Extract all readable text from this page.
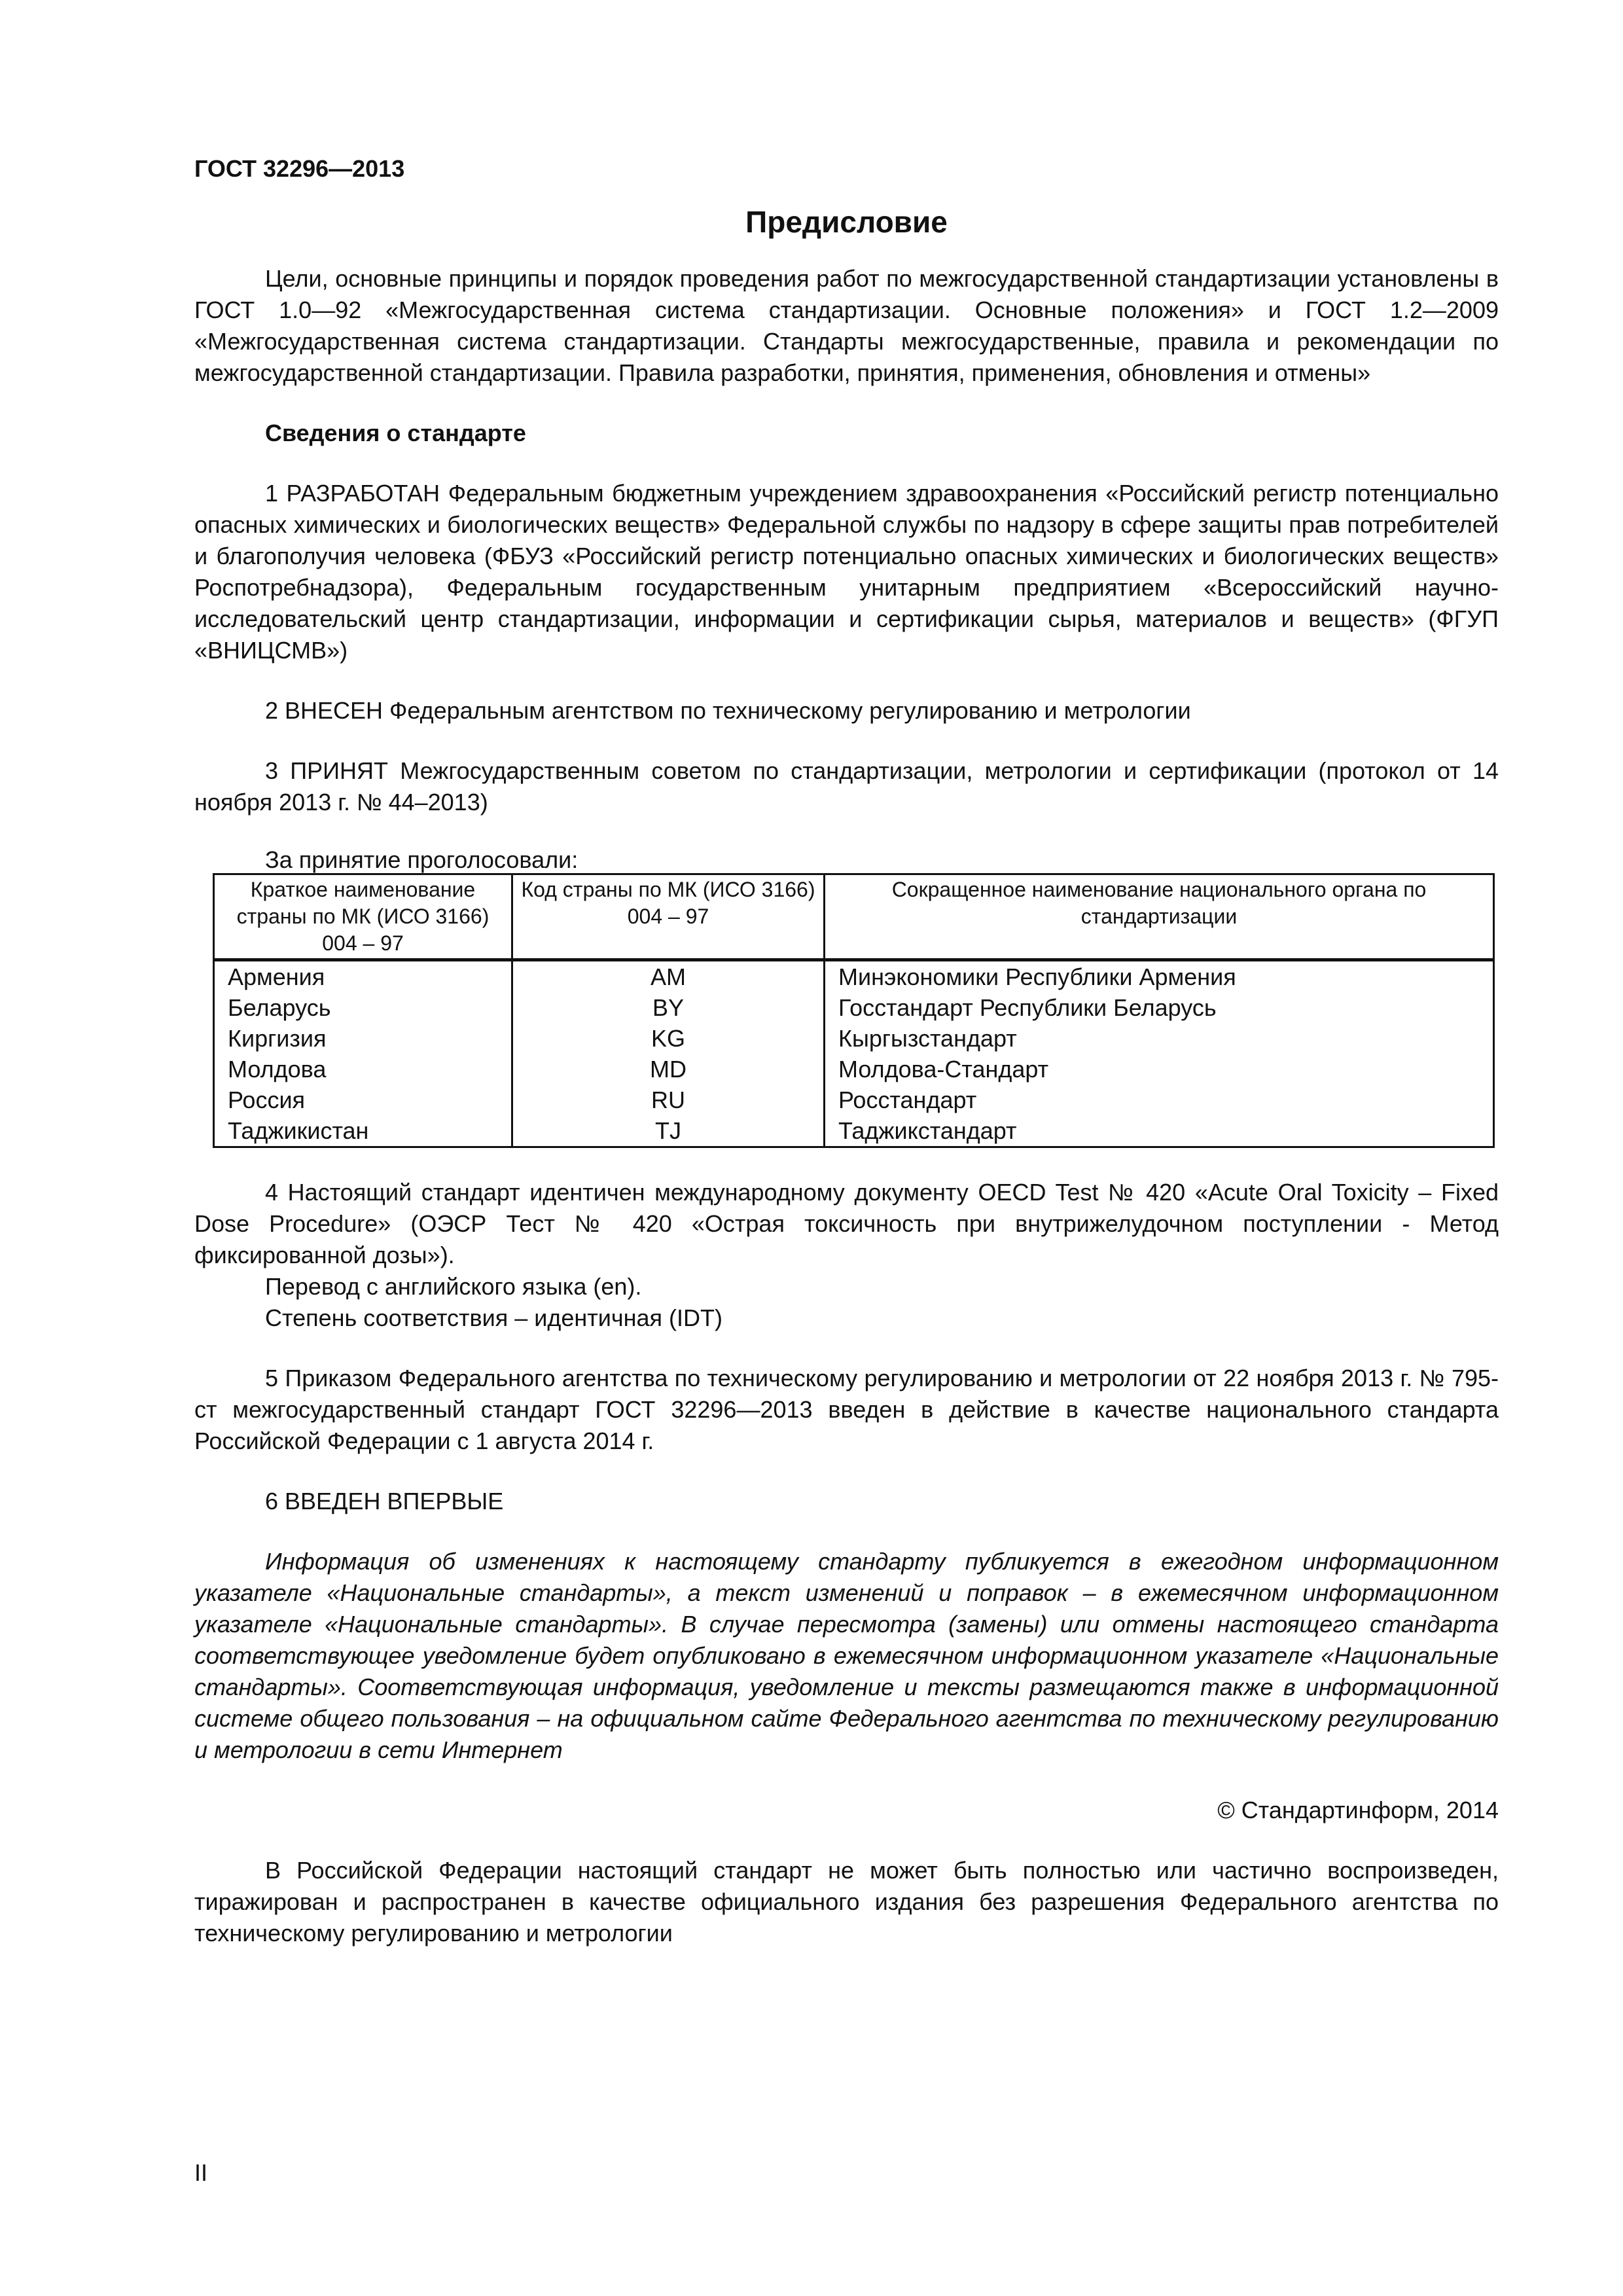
ГОСТ 32296—2013

Предисловие

Цели, основные принципы и порядок проведения работ по межгосударственной стандартизации установлены в ГОСТ 1.0—92 «Межгосударственная система стандартизации. Основные положения» и ГОСТ 1.2—2009 «Межгосударственная система стандартизации. Стандарты межгосударственные, правила и рекомендации по межгосударственной стандартизации. Правила разработки, принятия, применения, обновления и отмены»

Сведения о стандарте

1 РАЗРАБОТАН Федеральным бюджетным учреждением здравоохранения «Российский регистр потенциально опасных химических и биологических веществ» Федеральной службы по надзору в сфере защиты прав потребителей и благополучия человека (ФБУЗ «Российский регистр потенциально опасных химических и биологических веществ» Роспотребнадзора), Федеральным государственным унитарным предприятием «Всероссийский научно-исследовательский центр стандартизации, информации и сертификации сырья, материалов и веществ» (ФГУП «ВНИЦСМВ»)

2 ВНЕСЕН Федеральным агентством по техническому регулированию и метрологии

3 ПРИНЯТ Межгосударственным советом по стандартизации, метрологии и сертификации (протокол от 14 ноября 2013 г. № 44–2013)

За принятие проголосовали:

Краткое наименование страны по МК (ИСО 3166) 004 – 97	Код страны по МК (ИСО 3166) 004 – 97	Сокращенное наименование национального органа по стандартизации
Армения	AM	Минэкономики Республики Армения
Беларусь	BY	Госстандарт Республики Беларусь
Киргизия	KG	Кыргызстандарт
Молдова	MD	Молдова-Стандарт
Россия	RU	Росстандарт
Таджикистан	TJ	Таджикстандарт

4 Настоящий стандарт идентичен международному документу OECD Test № 420 «Acute Oral Toxicity – Fixed Dose Procedure» (ОЭСР Тест № 420 «Острая токсичность при внутрижелудочном поступлении - Метод фиксированной дозы»).

Перевод с английского языка (en).

Степень соответствия – идентичная (IDT)

5 Приказом Федерального агентства по техническому регулированию и метрологии от 22 ноября 2013 г. № 795-ст межгосударственный стандарт ГОСТ 32296—2013 введен в действие в качестве национального стандарта Российской Федерации с 1 августа 2014 г.

6 ВВЕДЕН ВПЕРВЫЕ

Информация об изменениях к настоящему стандарту публикуется в ежегодном информационном указателе «Национальные стандарты», а текст изменений и поправок – в ежемесячном информационном указателе «Национальные стандарты». В случае пересмотра (замены) или отмены настоящего стандарта соответствующее уведомление будет опубликовано в ежемесячном информационном указателе «Национальные стандарты». Соответствующая информация, уведомление и тексты размещаются также в информационной системе общего пользования – на официальном сайте Федерального агентства по техническому регулированию и метрологии в сети Интернет

© Стандартинформ, 2014

В Российской Федерации настоящий стандарт не может быть полностью или частично воспроизведен, тиражирован и распространен в качестве официального издания без разрешения Федерального агентства по техническому регулированию и метрологии

II
